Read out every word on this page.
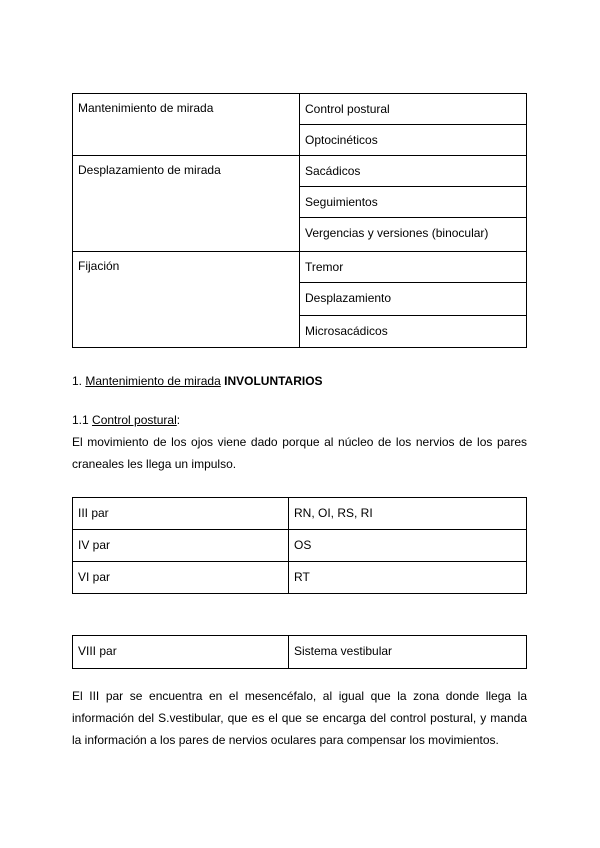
Mantenimiento de mirada	Control postural
	Optocinéticos
Desplazamiento de mirada	Sacádicos
	Seguimientos
	Vergencias y versiones (binocular)
Fijación	Tremor
	Desplazamiento
	Microsacádicos

1. Mantenimiento de mirada INVOLUNTARIOS

1.1 Control postural:

El movimiento de los ojos viene dado porque al núcleo de los nervios de los pares craneales les llega un impulso.

III par	RN, OI, RS, RI
IV par	OS
VI par	RT
VIII par	Sistema vestibular

El III par se encuentra en el mesencéfalo, al igual que la zona donde llega la información del S.vestibular, que es el que se encarga del control postural, y manda la información a los pares de nervios oculares para compensar los movimientos.
